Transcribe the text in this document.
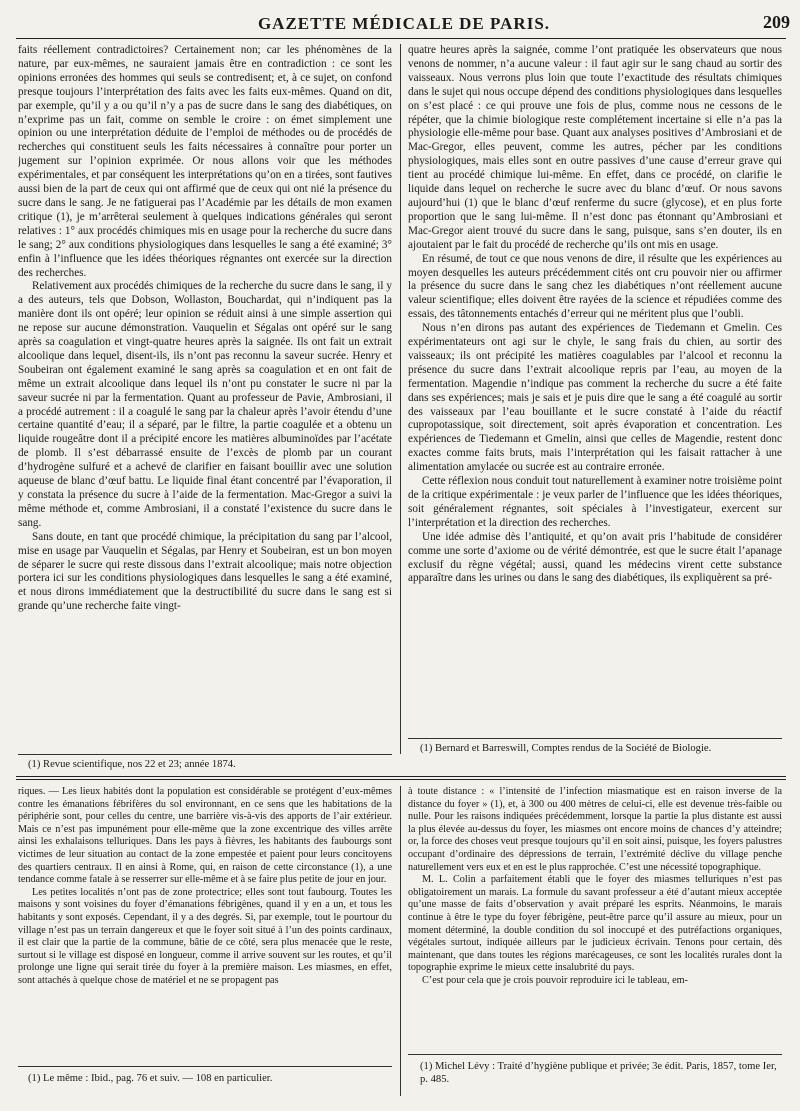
GAZETTE MÉDICALE DE PARIS.	209

faits réellement contradictoires? Certainement non; car les phénomènes de la nature, par eux-mêmes, ne sauraient jamais être en contradiction : ce sont les opinions erronées des hommes qui seuls se contredisent; et, à ce sujet, on confond presque toujours l’interprétation des faits avec les faits eux-mêmes. Quand on dit, par exemple, qu’il y a ou qu’il n’y a pas de sucre dans le sang des diabétiques, on n’exprime pas un fait, comme on semble le croire : on émet simplement une opinion ou une interprétation déduite de l’emploi de méthodes ou de procédés de recherches qui constituent seuls les faits nécessaires à connaître pour porter un jugement sur l’opinion exprimée. Or nous allons voir que les méthodes expérimentales, et par conséquent les interprétations qu’on en a tirées, sont fautives aussi bien de la part de ceux qui ont affirmé que de ceux qui ont nié la présence du sucre dans le sang. Je ne fatiguerai pas l’Académie par les détails de mon examen critique (1), je m’arrêterai seulement à quelques indications générales qui seront relatives : 1° aux procédés chimiques mis en usage pour la recherche du sucre dans le sang; 2° aux conditions physiologiques dans lesquelles le sang a été examiné; 3° enfin à l’influence que les idées théoriques régnantes ont exercée sur la direction des recherches.

Relativement aux procédés chimiques de la recherche du sucre dans le sang, il y a des auteurs, tels que Dobson, Wollaston, Bouchardat, qui n’indiquent pas la manière dont ils ont opéré; leur opinion se réduit ainsi à une simple assertion qui ne repose sur aucune démonstration. Vauquelin et Ségalas ont opéré sur le sang après sa coagulation et vingt-quatre heures après la saignée. Ils ont fait un extrait alcoolique dans lequel, disent-ils, ils n’ont pas reconnu la saveur sucrée. Henry et Soubeiran ont également examiné le sang après sa coagulation et en ont fait de même un extrait alcoolique dans lequel ils n’ont pu constater le sucre ni par la saveur sucrée ni par la fermentation. Quant au professeur de Pavie, Ambrosiani, il a procédé autrement : il a coagulé le sang par la chaleur après l’avoir étendu d’une certaine quantité d’eau; il a séparé, par le filtre, la partie coagulée et a obtenu un liquide rougeâtre dont il a précipité encore les matières albuminoïdes par l’acétate de plomb. Il s’est débarrassé ensuite de l’excès de plomb par un courant d’hydrogène sulfuré et a achevé de clarifier en faisant bouillir avec une solution aqueuse de blanc d’œuf battu. Le liquide final étant concentré par l’évaporation, il y constata la présence du sucre à l’aide de la fermentation. Mac-Gregor a suivi la même méthode et, comme Ambrosiani, il a constaté l’existence du sucre dans le sang.

Sans doute, en tant que procédé chimique, la précipitation du sang par l’alcool, mise en usage par Vauquelin et Ségalas, par Henry et Soubeiran, est un bon moyen de séparer le sucre qui reste dissous dans l’extrait alcoolique; mais notre objection portera ici sur les conditions physiologiques dans lesquelles le sang a été examiné, et nous dirons immédiatement que la destructibilité du sucre dans le sang est si grande qu’une recherche faite vingt-

quatre heures après la saignée, comme l’ont pratiquée les observateurs que nous venons de nommer, n’a aucune valeur : il faut agir sur le sang chaud au sortir des vaisseaux. Nous verrons plus loin que toute l’exactitude des résultats chimiques dans le sujet qui nous occupe dépend des conditions physiologiques dans lesquelles on s’est placé : ce qui prouve une fois de plus, comme nous ne cessons de le répéter, que la chimie biologique reste complétement incertaine si elle n’a pas la physiologie elle-même pour base. Quant aux analyses positives d’Ambrosiani et de Mac-Gregor, elles peuvent, comme les autres, pécher par les conditions physiologiques, mais elles sont en outre passives d’une cause d’erreur grave qui tient au procédé chimique lui-même. En effet, dans ce procédé, on clarifie le liquide dans lequel on recherche le sucre avec du blanc d’œuf. Or nous savons aujourd’hui (1) que le blanc d’œuf renferme du sucre (glycose), et en plus forte proportion que le sang lui-même. Il n’est donc pas étonnant qu’Ambrosiani et Mac-Gregor aient trouvé du sucre dans le sang, puisque, sans s’en douter, ils en ajoutaient par le fait du procédé de recherche qu’ils ont mis en usage.

En résumé, de tout ce que nous venons de dire, il résulte que les expériences au moyen desquelles les auteurs précédemment cités ont cru pouvoir nier ou affirmer la présence du sucre dans le sang chez les diabétiques n’ont réellement aucune valeur scientifique; elles doivent être rayées de la science et répudiées comme des essais, des tâtonnements entachés d’erreur qui ne méritent plus que l’oubli.

Nous n’en dirons pas autant des expériences de Tiedemann et Gmelin. Ces expérimentateurs ont agi sur le chyle, le sang frais du chien, au sortir des vaisseaux; ils ont précipité les matières coagulables par l’alcool et reconnu la présence du sucre dans l’extrait alcoolique repris par l’eau, au moyen de la fermentation. Magendie n’indique pas comment la recherche du sucre a été faite dans ses expériences; mais je sais et je puis dire que le sang a été coagulé au sortir des vaisseaux par l’eau bouillante et le sucre constaté à l’aide du réactif cupropotassique, soit directement, soit après évaporation et concentration. Les expériences de Tiedemann et Gmelin, ainsi que celles de Magendie, restent donc exactes comme faits bruts, mais l’interprétation qui les faisait rattacher à une alimentation amylacée ou sucrée est au contraire erronée.

Cette réflexion nous conduit tout naturellement à examiner notre troisième point de la critique expérimentale : je veux parler de l’influence que les idées théoriques, soit généralement régnantes, soit spéciales à l’investigateur, exercent sur l’interprétation et la direction des recherches.

Une idée admise dès l’antiquité, et qu’on avait pris l’habitude de considérer comme une sorte d’axiome ou de vérité démontrée, est que le sucre était l’apanage exclusif du règne végétal; aussi, quand les médecins virent cette substance apparaître dans les urines ou dans le sang des diabétiques, ils expliquèrent sa pré-

(1) Revue scientifique, nos 22 et 23; année 1874.
(1) Bernard et Barreswill, Comptes rendus de la Société de Biologie.

riques. — Les lieux habités dont la population est considérable se protégent d’eux-mêmes contre les émanations fébrifères du sol environnant, en ce sens que les habitations de la périphérie sont, pour celles du centre, une barrière vis-à-vis des apports de l’air extérieur. Mais ce n’est pas impunément pour elle-même que la zone excentrique des villes arrête ainsi les exhalaisons telluriques. Dans les pays à fièvres, les habitants des faubourgs sont victimes de leur situation au contact de la zone empestée et paient pour leurs concitoyens des quartiers centraux. Il en ainsi à Rome, qui, en raison de cette circonstance (1), a une tendance comme fatale à se resserrer sur elle-même et à se faire plus petite de jour en jour.

Les petites localités n’ont pas de zone protectrice; elles sont tout faubourg. Toutes les maisons y sont voisines du foyer d’émanations fébrigènes, quand il y en a un, et tous les habitants y sont exposés. Cependant, il y a des degrés. Si, par exemple, tout le pourtour du village n’est pas un terrain dangereux et que le foyer soit situé à l’un des points cardinaux, il est clair que la partie de la commune, bâtie de ce côté, sera plus menacée que le reste, surtout si le village est disposé en longueur, comme il arrive souvent sur les routes, et qu’il prolonge une ligne qui serait tirée du foyer à la première maison. Les miasmes, en effet, sont attachés à quelque chose de matériel et ne se propagent pas

à toute distance : « l’intensité de l’infection miasmatique est en raison inverse de la distance du foyer » (1), et, à 300 ou 400 mètres de celui-ci, elle est devenue très-faible ou nulle. Pour les raisons indiquées précédemment, lorsque la partie la plus distante est aussi la plus élevée au-dessus du foyer, les miasmes ont encore moins de chances d’y atteindre; or, la force des choses veut presque toujours qu’il en soit ainsi, puisque, les foyers palustres occupant d’ordinaire des dépressions de terrain, l’extrémité déclive du village penche naturellement vers eux et en est le plus rapprochée. C’est une nécessité topographique.

M. L. Colin a parfaitement établi que le foyer des miasmes telluriques n’est pas obligatoirement un marais. La formule du savant professeur a été d’autant mieux acceptée qu’une masse de faits d’observation y avait préparé les esprits. Néanmoins, le marais continue à être le type du foyer fébrigène, peut-être parce qu’il assure au mieux, pour un moment déterminé, la double condition du sol inoccupé et des putréfactions organiques, végétales surtout, indiquée ailleurs par le judicieux écrivain. Tenons pour certain, dès maintenant, que dans toutes les régions marécageuses, ce sont les localités rurales dont la topographie exprime le mieux cette insalubrité du pays.

C’est pour cela que je crois pouvoir reproduire ici le tableau, em-

(1) Le même : Ibid., pag. 76 et suiv. — 108 en particulier.
(1) Michel Lévy : Traité d’hygiène publique et privée; 3e édit. Paris, 1857, tome Ier, p. 485.
